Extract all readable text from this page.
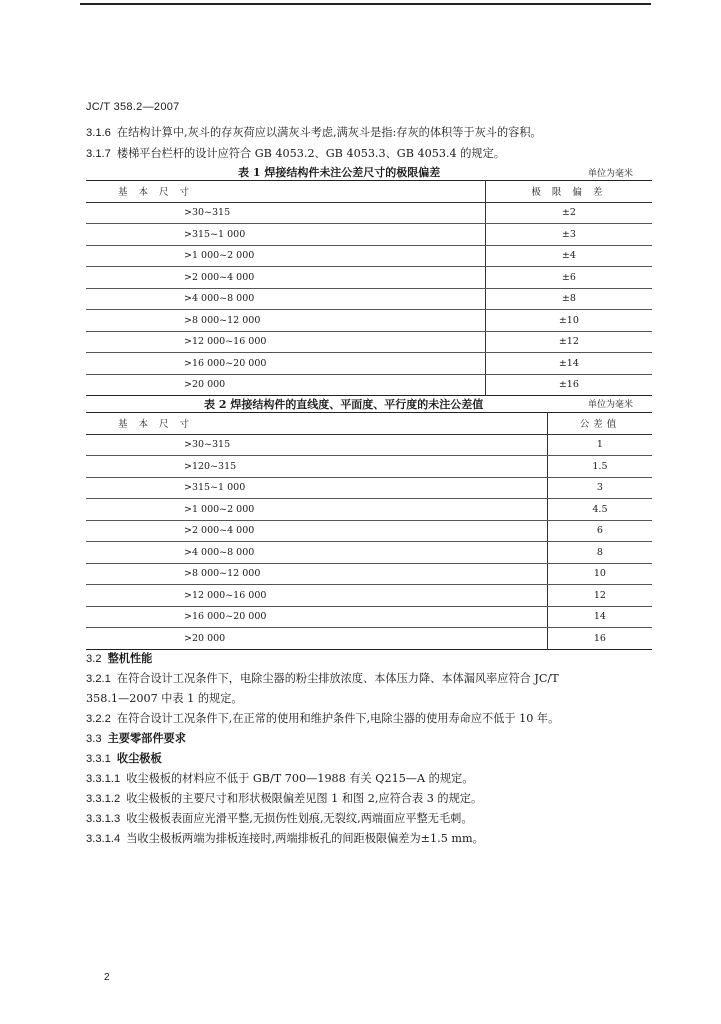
JC/T 358.2—2007
3.1.6 在结构计算中,灰斗的存灰荷应以满灰斗考虑,满灰斗是指:存灰的体积等于灰斗的容积。
3.1.7 楼梯平台栏杆的设计应符合 GB 4053.2、GB 4053.3、GB 4053.4 的规定。
表 1 焊接结构件未注公差尺寸的极限偏差	单位为毫米
基 本 尺 寸	极 限 偏 差
>30~315	±2
>315~1 000	±3
>1 000~2 000	±4
>2 000~4 000	±6
>4 000~8 000	±8
>8 000~12 000	±10
>12 000~16 000	±12
>16 000~20 000	±14
>20 000	±16
表 2 焊接结构件的直线度、平面度、平行度的未注公差值	单位为毫米
基 本 尺 寸	公差值
>30~315	1
>120~315	1.5
>315~1 000	3
>1 000~2 000	4.5
>2 000~4 000	6
>4 000~8 000	8
>8 000~12 000	10
>12 000~16 000	12
>16 000~20 000	14
>20 000	16
3.2 整机性能
3.2.1 在符合设计工况条件下，电除尘器的粉尘排放浓度、本体压力降、本体漏风率应符合 JC/T
358.1—2007 中表 1 的规定。
3.2.2 在符合设计工况条件下,在正常的使用和维护条件下,电除尘器的使用寿命应不低于 10 年。
3.3 主要零部件要求
3.3.1 收尘极板
3.3.1.1 收尘极板的材料应不低于 GB/T 700—1988 有关 Q215—A 的规定。
3.3.1.2 收尘极板的主要尺寸和形状极限偏差见图 1 和图 2,应符合表 3 的规定。
3.3.1.3 收尘极板表面应光滑平整,无损伤性划痕,无裂纹,两端面应平整无毛刺。
3.3.1.4 当收尘极板两端为排板连接时,两端排板孔的间距极限偏差为±1.5 mm。
2
